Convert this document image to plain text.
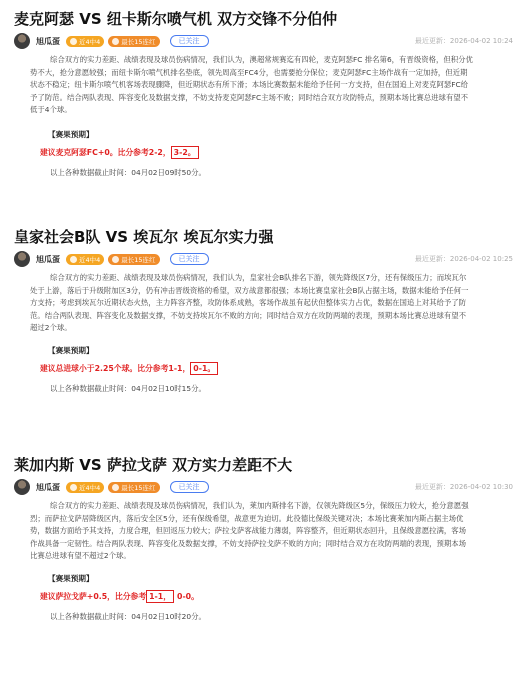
麦克阿瑟 VS 纽卡斯尔喷气机 双方交锋不分伯仲
旭瓜蛋	近4中4	最长15连红	已关注	最近更新：2026-04-02 10:24

综合双方的实力差距、战绩表现及球员伤病情况，我们认为，澳超常规赛迄有四轮，麦克阿瑟FC 排名第6，有晋级资格，但积分优势不大，抢分意愿较强；而纽卡斯尔喷气机排名垫底，领先周高至FC4分，也需要抢分保位；麦克阿瑟FC主场作战有一定加持，但近期状态不稳定；纽卡斯尔喷气机客场表现骤降，但近期状态有所下滑；本场比赛数据未能给予任何一方支持，但在国追上对麦克阿瑟FC给予了防范。结合两队表现、阵容变化及数据支撑，不妨支持麦克阿瑟FC主场不败；同时结合双方攻防特点，预期本场比赛总进球有望不低于4个球。

【赛果预期】
建议麦克阿瑟FC+0。比分参考2-2， 3-2。
以上各种数据截止时间：04月02日09时50分。
皇家社会B队 VS 埃瓦尔 埃瓦尔实力强
旭瓜蛋	近4中4	最长15连红	已关注	最近更新：2026-04-02 10:25

综合双方的实力差距、战绩表现及球员伤病情况，我们认为，皇家社会B队排名下游，领先降级区7分，还有保级压力；而埃瓦尔处于上游，落后于升级附加区3分，仍有冲击晋级资格的希望，双方战意都很强；本场比赛皇家社会B队占据主场，数据未能给予任何一方支持；考虑到埃瓦尔近期状态火热，主力阵容齐整，攻防体系成熟，客场作战虽有起伏但整体实力占优，数据在国追上对其给予了防范。结合两队表现、阵容变化及数据支撑，不妨支持埃瓦尔不败的方向；同时结合双方在攻防两端的表现，预期本场比赛总进球有望不超过2个球。

【赛果预期】
建议总进球小于2.25个球。比分参考1-1， 0-1。
以上各种数据截止时间：04月02日10时15分。
莱加内斯 VS 萨拉戈萨 双方实力差距不大
旭瓜蛋	近4中4	最长15连红	已关注	最近更新：2026-04-02 10:30

综合双方的实力差距、战绩表现及球员伤病情况，我们认为，莱加内斯排名下游，仅领先降级区5分，保级压力较大，抢分意愿强烈；而萨拉戈萨居降级区内，落后安全区5分，还有保级希望，战意更为迫切。此役德比保级关键对决；本场比赛莱加内斯占据主场优势，数据方面给予其支持，力度合理，但回返压力较大；萨拉戈萨客战能力薄弱，阵容整齐，但近期状态回升，且保级意愿拉满，客场作战具备一定韧性。结合两队表现、阵容变化及数据支撑，不妨支持萨拉戈萨不败的方向；同时结合双方在攻防两端的表现，预期本场比赛总进球有望不超过2个球。

【赛果预期】
建议萨拉戈萨+0.5，比分参考 1-1， 0-0。
以上各种数据截止时间：04月02日10时20分。
